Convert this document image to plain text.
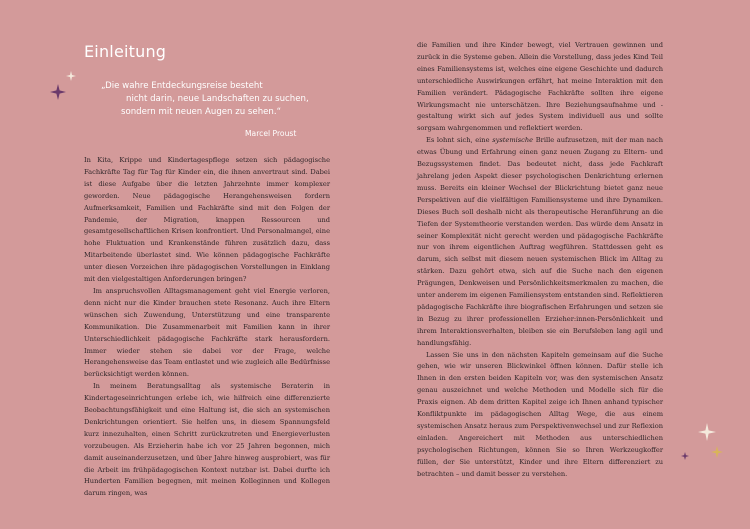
Einleitung
„Die wahre Entdeckungsreise besteht
nicht darin, neue Landschaften zu suchen,
sondern mit neuen Augen zu sehen.“
Marcel Proust

In Kita, Krippe und Kindertagespflege setzen sich pädagogische Fachkräfte Tag für Tag für Kinder ein, die ihnen anvertraut sind. Dabei ist diese Aufgabe über die letzten Jahrzehnte immer komplexer geworden. Neue pädagogische Herangehensweisen fordern Aufmerksamkeit, Familien und Fachkräfte sind mit den Folgen der Pandemie, der Migration, knappen Ressourcen und gesamtgesellschaftlichen Krisen konfrontiert. Und Personalmangel, eine hohe Fluktuation und Krankenstände führen zusätzlich dazu, dass Mitarbeitende überlastet sind. Wie können pädagogische Fachkräfte unter diesen Vorzeichen ihre pädagogischen Vorstellungen in Einklang mit den vielgestaltigen Anforderungen bringen?

Im anspruchsvollen Alltagsmanagement geht viel Energie verloren, denn nicht nur die Kinder brauchen stete Resonanz. Auch ihre Eltern wünschen sich Zuwendung, Unterstützung und eine transparente Kommunikation. Die Zusammenarbeit mit Familien kann in ihrer Unterschiedlichkeit pädagogische Fachkräfte stark herausfordern. Immer wieder stehen sie dabei vor der Frage, welche Herangehensweise das Team entlastet und wie zugleich alle Bedürfnisse berücksichtigt werden können.

In meinem Beratungsalltag als systemische Beraterin in Kindertageseinrichtungen erlebe ich, wie hilfreich eine differenzierte Beobachtungsfähigkeit und eine Haltung ist, die sich an systemischen Denkrichtungen orientiert. Sie helfen uns, in diesem Spannungsfeld kurz innezuhalten, einen Schritt zurückzutreten und Energieverlusten vorzubeugen. Als Erzieherin habe ich vor 25 Jahren begonnen, mich damit auseinanderzusetzen, und über Jahre hinweg ausprobiert, was für die Arbeit im frühpädagogischen Kontext nutzbar ist. Dabei durfte ich Hunderten Familien begegnen, mit meinen Kolleginnen und Kollegen darum ringen, was

die Familien und ihre Kinder bewegt, viel Vertrauen gewinnen und zurück in die Systeme geben. Allein die Vorstellung, dass jedes Kind Teil eines Familiensystems ist, welches eine eigene Geschichte und dadurch unterschiedliche Auswirkungen erfährt, hat meine Interaktion mit den Familien verändert. Pädagogische Fachkräfte sollten ihre eigene Wirkungsmacht nie unterschätzen. Ihre Beziehungsaufnahme und -gestaltung wirkt sich auf jedes System individuell aus und sollte sorgsam wahrgenommen und reflektiert werden.

Es lohnt sich, eine systemische Brille aufzusetzen, mit der man nach etwas Übung und Erfahrung einen ganz neuen Zugang zu Eltern- und Bezugssystemen findet. Das bedeutet nicht, dass jede Fachkraft jahrelang jeden Aspekt dieser psychologischen Denkrichtung erlernen muss. Bereits ein kleiner Wechsel der Blickrichtung bietet ganz neue Perspektiven auf die vielfältigen Familiensysteme und ihre Dynamiken. Dieses Buch soll deshalb nicht als therapeutische Heranführung an die Tiefen der Systemtheorie verstanden werden. Das würde dem Ansatz in seiner Komplexität nicht gerecht werden und pädagogische Fachkräfte nur von ihrem eigentlichen Auftrag wegführen. Stattdessen geht es darum, sich selbst mit diesem neuen systemischen Blick im Alltag zu stärken. Dazu gehört etwa, sich auf die Suche nach den eigenen Prägungen, Denkweisen und Persönlichkeitsmerkmalen zu machen, die unter anderem im eigenen Familiensystem entstanden sind. Reflektieren pädagogische Fachkräfte ihre biografischen Erfahrungen und setzen sie in Bezug zu ihrer professionellen Erzieher:innen-Persönlichkeit und ihrem Interaktionsverhalten, bleiben sie ein Berufsleben lang agil und handlungsfähig.

Lassen Sie uns in den nächsten Kapiteln gemeinsam auf die Suche gehen, wie wir unseren Blickwinkel öffnen können. Dafür stelle ich Ihnen in den ersten beiden Kapiteln vor, was den systemischen Ansatz genau auszeichnet und welche Methoden und Modelle sich für die Praxis eignen. Ab dem dritten Kapitel zeige ich Ihnen anhand typischer Konfliktpunkte im pädagogischen Alltag Wege, die aus einem systemischen Ansatz heraus zum Perspektivenwechsel und zur Reflexion einladen. Angereichert mit Methoden aus unterschiedlichen psychologischen Richtungen, können Sie so Ihren Werkzeugkoffer füllen, der Sie unterstützt, Kinder und ihre Eltern differenziert zu betrachten – und damit besser zu verstehen.
